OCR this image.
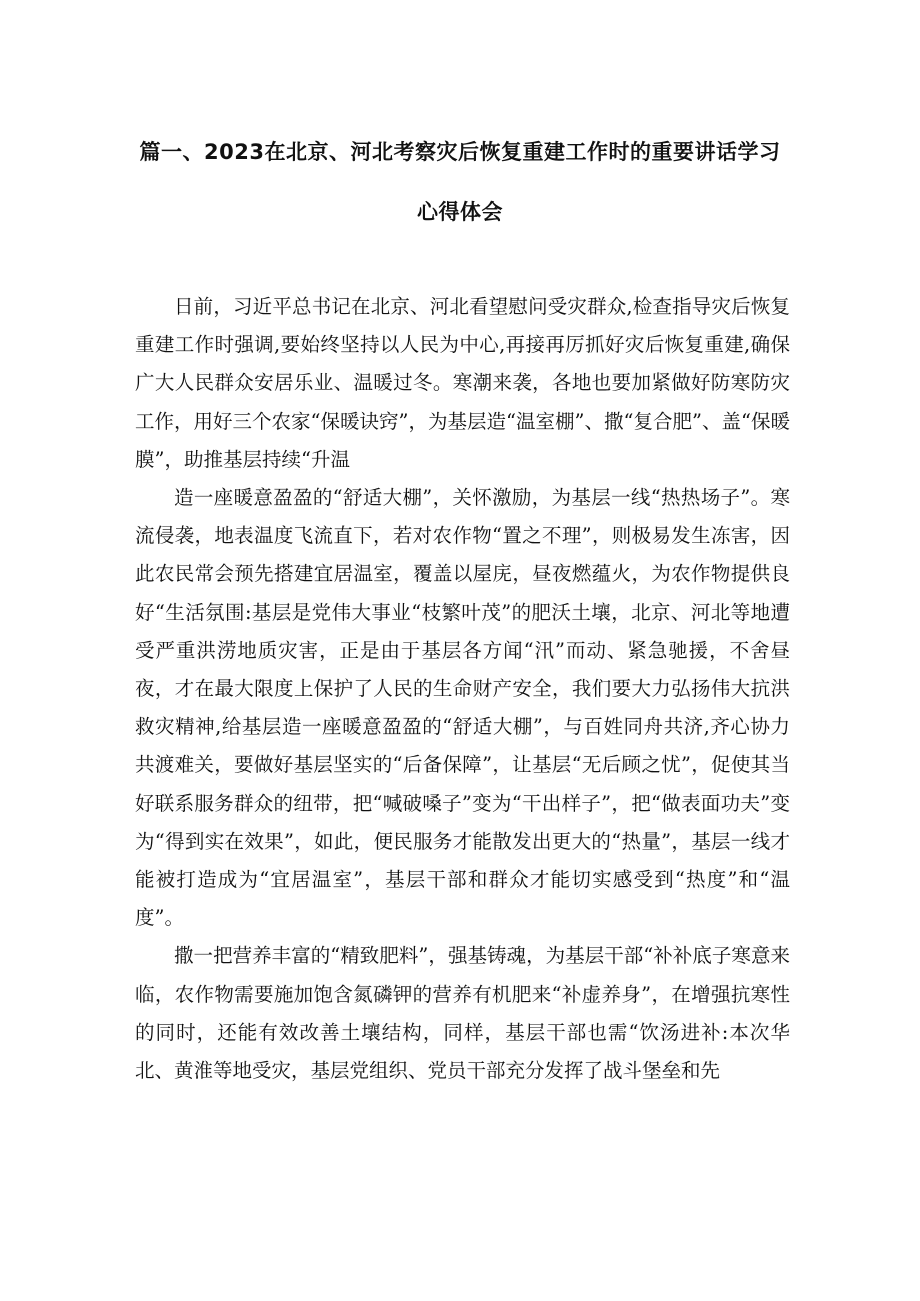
篇一、2023在北京、河北考察灾后恢复重建工作时的重要讲话学习
心得体会

日前，习近平总书记在北京、河北看望慰问受灾群众,检查指导灾后恢复重建工作时强调,要始终坚持以人民为中心,再接再厉抓好灾后恢复重建,确保广大人民群众安居乐业、温暖过冬。寒潮来袭，各地也要加紧做好防寒防灾工作，用好三个农家“保暖诀窍”，为基层造“温室棚”、撒“复合肥”、盖“保暖膜”，助推基层持续“升温

造一座暖意盈盈的“舒适大棚”，关怀激励，为基层一线“热热场子”。寒流侵袭，地表温度飞流直下，若对农作物“置之不理”，则极易发生冻害，因此农民常会预先搭建宜居温室，覆盖以屋庑，昼夜燃蕴火，为农作物提供良好“生活氛围:基层是党伟大事业“枝繁叶茂”的肥沃土壤，北京、河北等地遭受严重洪涝地质灾害，正是由于基层各方闻“汛”而动、紧急驰援，不舍昼夜，才在最大限度上保护了人民的生命财产安全，我们要大力弘扬伟大抗洪救灾精神,给基层造一座暖意盈盈的“舒适大棚”，与百姓同舟共济,齐心协力共渡难关，要做好基层坚实的“后备保障”，让基层“无后顾之忧”，促使其当好联系服务群众的纽带，把“喊破嗓子”变为“干出样子”，把“做表面功夫”变为“得到实在效果”，如此，便民服务才能散发出更大的“热量”，基层一线才能被打造成为“宜居温室”，基层干部和群众才能切实感受到“热度”和“温度”。

撒一把营养丰富的“精致肥料”，强基铸魂，为基层干部“补补底子寒意来临，农作物需要施加饱含氮磷钾的营养有机肥来“补虚养身”，在增强抗寒性的同时，还能有效改善土壤结构，同样，基层干部也需“饮汤进补:本次华北、黄淮等地受灾，基层党组织、党员干部充分发挥了战斗堡垒和先
